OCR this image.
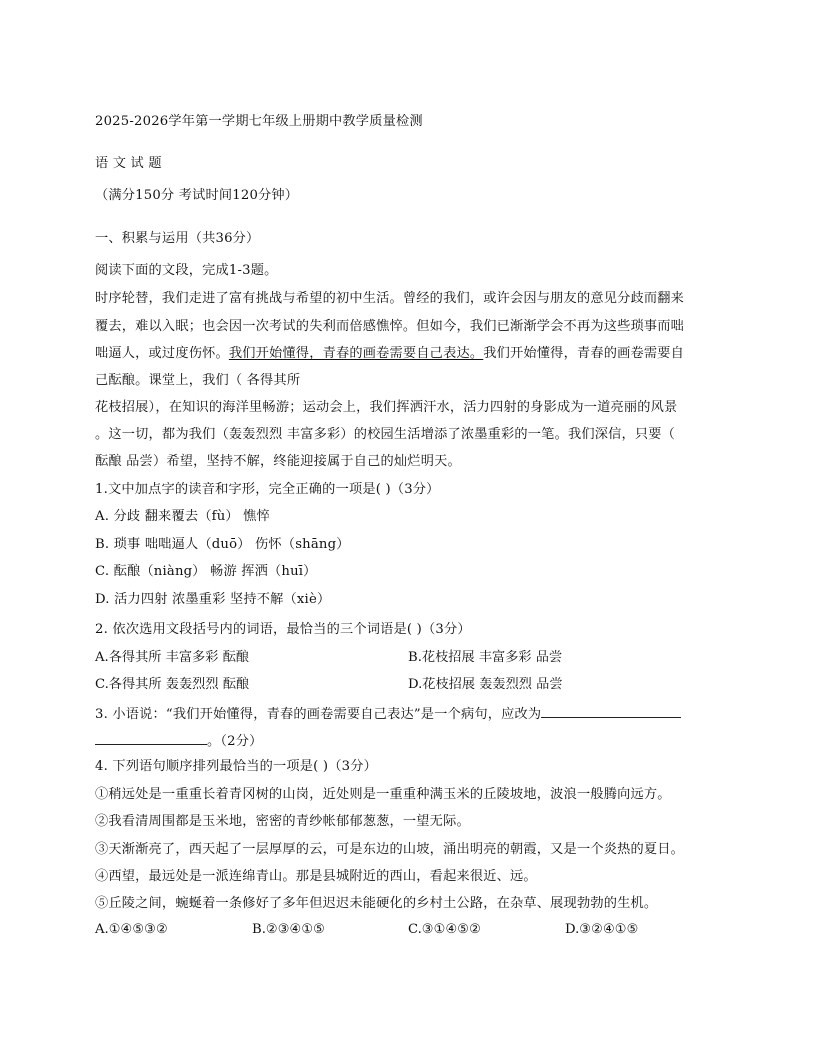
2025-2026学年第一学期七年级上册期中教学质量检测
语 文 试 题
（满分150分 考试时间120分钟）
一、积累与运用（共36分）
阅读下面的文段，完成1-3题。
时序轮替，我们走进了富有挑战与希望的初中生活。曾经的我们，或许会因与朋友的意见分歧而翻来
覆去，难以入眠；也会因一次考试的失利而倍感憔悴。但如今，我们已渐渐学会不再为这些琐事而咄
咄逼人，或过度伤怀。我们开始懂得，青春的画卷需要自己表达。我们开始懂得，青春的画卷需要自
己酝酿。课堂上，我们（ 各得其所
花枝招展），在知识的海洋里畅游；运动会上，我们挥洒汗水，活力四射的身影成为一道亮丽的风景
。这一切，都为我们（轰轰烈烈 丰富多彩）的校园生活增添了浓墨重彩的一笔。我们深信，只要（
酝酿 品尝）希望，坚持不解，终能迎接属于自己的灿烂明天。
1.文中加点字的读音和字形，完全正确的一项是( )（3分）
A. 分歧 翻来覆去（fù） 憔悴
B. 琐事 咄咄逼人（duō） 伤怀（shāng）
C. 酝酿（niàng） 畅游 挥洒（huī）
D. 活力四射 浓墨重彩 坚持不解（xiè）
2. 依次选用文段括号内的词语，最恰当的三个词语是( )（3分）
A.各得其所 丰富多彩 酝酿	B.花枝招展 丰富多彩 品尝
C.各得其所 轰轰烈烈 酝酿	D.花枝招展 轰轰烈烈 品尝
3. 小语说：“我们开始懂得，青春的画卷需要自己表达”是一个病句，应改为
。（2分）
4. 下列语句顺序排列最恰当的一项是( )（3分）
①稍远处是一重重长着青冈树的山岗，近处则是一重重种满玉米的丘陵坡地，波浪一般腾向远方。
②我看清周围都是玉米地，密密的青纱帐郁郁葱葱，一望无际。
③天渐渐亮了，西天起了一层厚厚的云，可是东边的山坡，涌出明亮的朝霞，又是一个炎热的夏日。
④西望，最远处是一派连绵青山。那是县城附近的西山，看起来很近、远。
⑤丘陵之间，蜿蜒着一条修好了多年但迟迟未能硬化的乡村土公路，在杂草、展现勃勃的生机。
A.①④⑤③②	B.②③④①⑤	C.③①④⑤②	D.③②④①⑤
